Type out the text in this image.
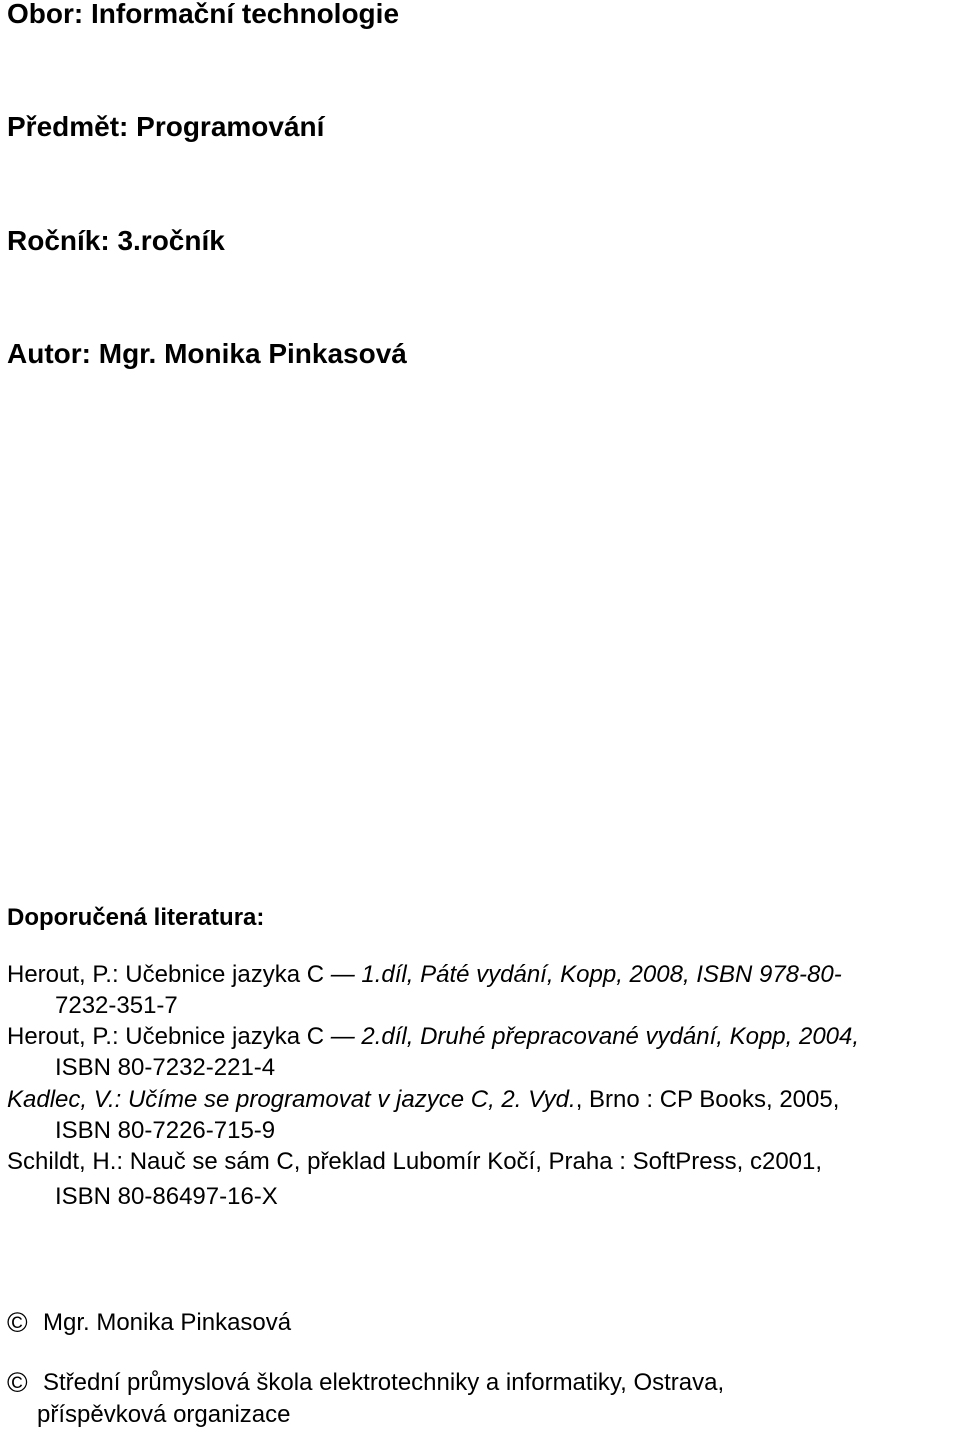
Obor: Informační technologie
Předmět: Programování
Ročník: 3.ročník
Autor: Mgr. Monika Pinkasová
Doporučená literatura:
Herout, P.: Učebnice jazyka C ― 1.díl, Páté vydání, Kopp, 2008, ISBN 978-80-
7232-351-7
Herout, P.: Učebnice jazyka C ― 2.díl, Druhé přepracované vydání, Kopp, 2004,
ISBN 80-7232-221-4
Kadlec, V.: Učíme se programovat v jazyce C, 2. Vyd., Brno : CP Books, 2005,
ISBN 80-7226-715-9
Schildt, H.: Nauč se sám C, překlad Lubomír Kočí, Praha : SoftPress, c2001,
ISBN 80-86497-16-X
© Mgr. Monika Pinkasová
© Střední průmyslová škola elektrotechniky a informatiky, Ostrava,
příspěvková organizace
